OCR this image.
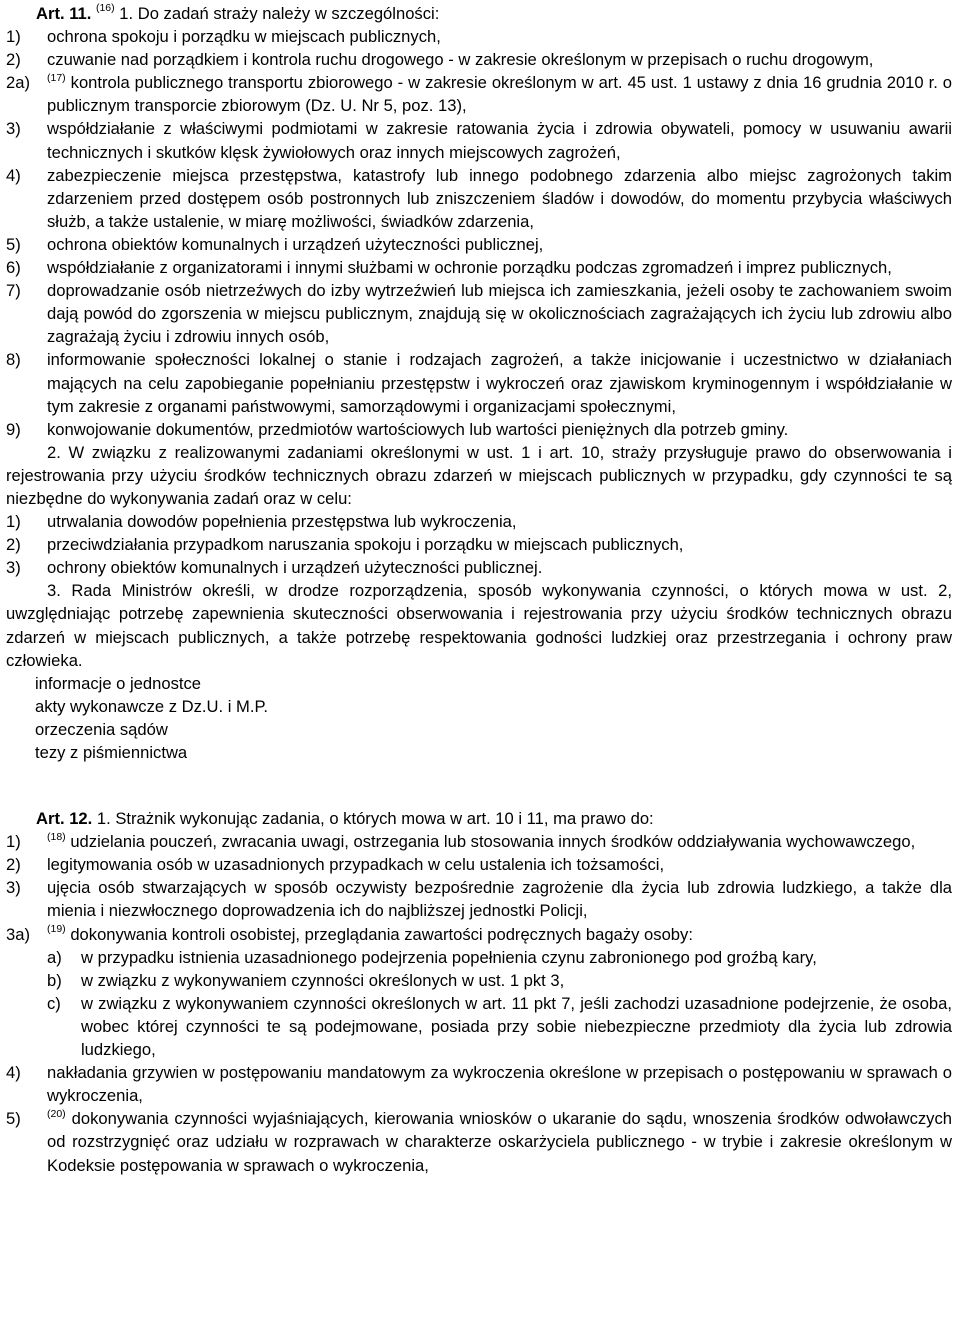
Art. 11. $^{(16)}$ 1. Do zadań straży należy w szczególności:
1)	ochrona spokoju i porządku w miejscach publicznych,
2)	czuwanie nad porządkiem i kontrola ruchu drogowego - w zakresie określonym w przepisach o ruchu drogowym,
2a)	$^{(17)}$ kontrola publicznego transportu zbiorowego - w zakresie określonym w art. 45 ust. 1 ustawy z dnia 16 grudnia 2010 r. o publicznym transporcie zbiorowym (Dz. U. Nr 5, poz. 13),
3)	współdziałanie z właściwymi podmiotami w zakresie ratowania życia i zdrowia obywateli, pomocy w usuwaniu awarii technicznych i skutków klęsk żywiołowych oraz innych miejscowych zagrożeń,
4)	zabezpieczenie miejsca przestępstwa, katastrofy lub innego podobnego zdarzenia albo miejsc zagrożonych takim zdarzeniem przed dostępem osób postronnych lub zniszczeniem śladów i dowodów, do momentu przybycia właściwych służb, a także ustalenie, w miarę możliwości, świadków zdarzenia,
5)	ochrona obiektów komunalnych i urządzeń użyteczności publicznej,
6)	współdziałanie z organizatorami i innymi służbami w ochronie porządku podczas zgromadzeń i imprez publicznych,
7)	doprowadzanie osób nietrzeźwych do izby wytrzeźwień lub miejsca ich zamieszkania, jeżeli osoby te zachowaniem swoim dają powód do zgorszenia w miejscu publicznym, znajdują się w okolicznościach zagrażających ich życiu lub zdrowiu albo zagrażają życiu i zdrowiu innych osób,
8)	informowanie społeczności lokalnej o stanie i rodzajach zagrożeń, a także inicjowanie i uczestnictwo w działaniach mających na celu zapobieganie popełnianiu przestępstw i wykroczeń oraz zjawiskom kryminogennym i współdziałanie w tym zakresie z organami państwowymi, samorządowymi i organizacjami społecznymi,
9)	konwojowanie dokumentów, przedmiotów wartościowych lub wartości pieniężnych dla potrzeb gminy.
2. W związku z realizowanymi zadaniami określonymi w ust. 1 i art. 10, straży przysługuje prawo do obserwowania i rejestrowania przy użyciu środków technicznych obrazu zdarzeń w miejscach publicznych w przypadku, gdy czynności te są niezbędne do wykonywania zadań oraz w celu:
1)	utrwalania dowodów popełnienia przestępstwa lub wykroczenia,
2)	przeciwdziałania przypadkom naruszania spokoju i porządku w miejscach publicznych,
3)	ochrony obiektów komunalnych i urządzeń użyteczności publicznej.
3. Rada Ministrów określi, w drodze rozporządzenia, sposób wykonywania czynności, o których mowa w ust. 2, uwzględniając potrzebę zapewnienia skuteczności obserwowania i rejestrowania przy użyciu środków technicznych obrazu zdarzeń w miejscach publicznych, a także potrzebę respektowania godności ludzkiej oraz przestrzegania i ochrony praw człowieka.
informacje o jednostce
akty wykonawcze z Dz.U. i M.P.
orzeczenia sądów
tezy z piśmiennictwa
Art. 12. 1. Strażnik wykonując zadania, o których mowa w art. 10 i 11, ma prawo do:
1)	$^{(18)}$ udzielania pouczeń, zwracania uwagi, ostrzegania lub stosowania innych środków oddziaływania wychowawczego,
2)	legitymowania osób w uzasadnionych przypadkach w celu ustalenia ich tożsamości,
3)	ujęcia osób stwarzających w sposób oczywisty bezpośrednie zagrożenie dla życia lub zdrowia ludzkiego, a także dla mienia i niezwłocznego doprowadzenia ich do najbliższej jednostki Policji,
3a)	$^{(19)}$ dokonywania kontroli osobistej, przeglądania zawartości podręcznych bagaży osoby:
a)	w przypadku istnienia uzasadnionego podejrzenia popełnienia czynu zabronionego pod groźbą kary,
b)	w związku z wykonywaniem czynności określonych w ust. 1 pkt 3,
c)	w związku z wykonywaniem czynności określonych w art. 11 pkt 7, jeśli zachodzi uzasadnione podejrzenie, że osoba, wobec której czynności te są podejmowane, posiada przy sobie niebezpieczne przedmioty dla życia lub zdrowia ludzkiego,
4)	nakładania grzywien w postępowaniu mandatowym za wykroczenia określone w przepisach o postępowaniu w sprawach o wykroczenia,
5)	$^{(20)}$ dokonywania czynności wyjaśniających, kierowania wniosków o ukaranie do sądu, wnoszenia środków odwoławczych od rozstrzygnięć oraz udziału w rozprawach w charakterze oskarżyciela publicznego - w trybie i zakresie określonym w Kodeksie postępowania w sprawach o wykroczenia,
